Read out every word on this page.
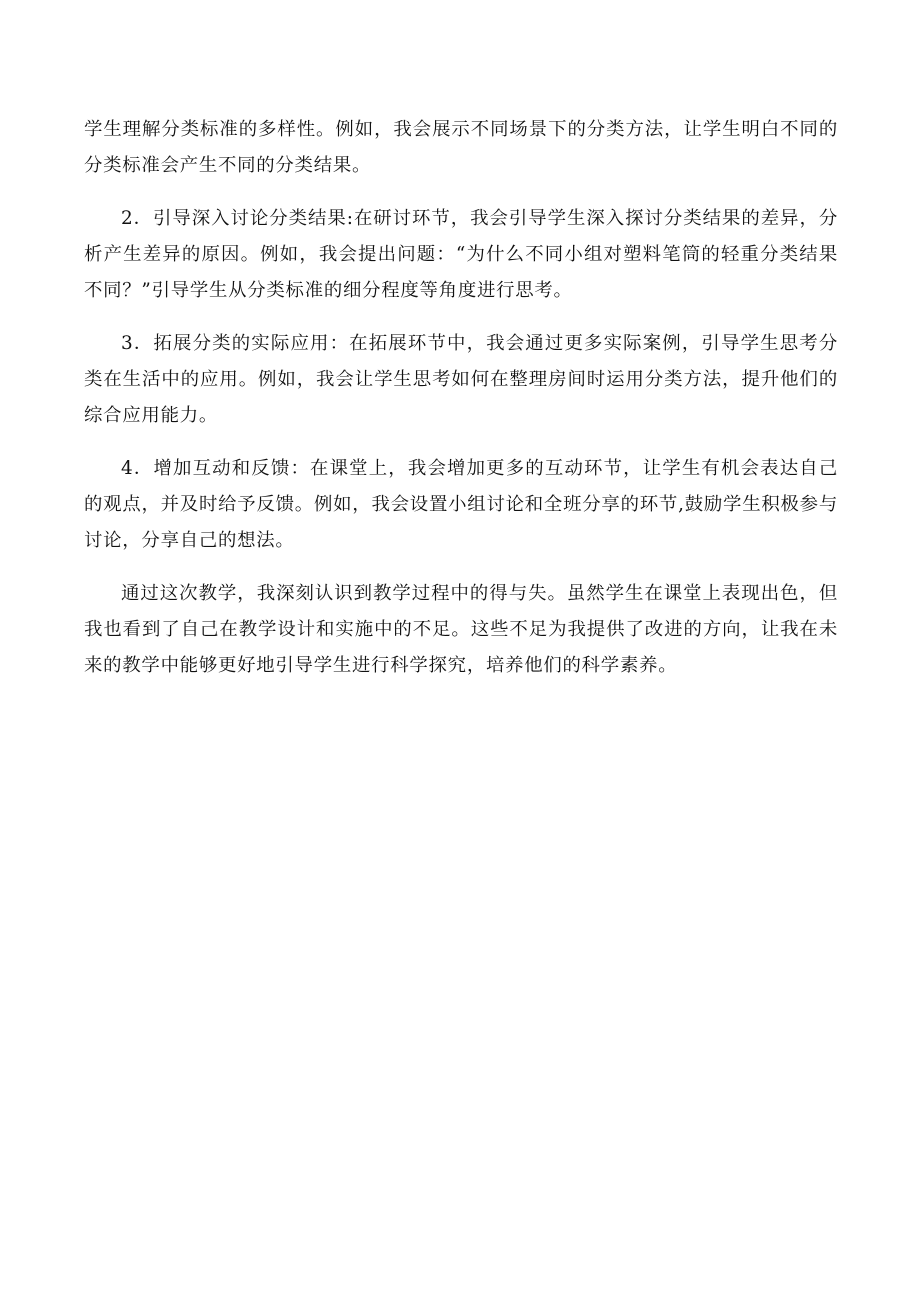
学生理解分类标准的多样性。例如，我会展示不同场景下的分类方法，让学生明白不同的分类标准会产生不同的分类结果。

2．引导深入讨论分类结果:在研讨环节，我会引导学生深入探讨分类结果的差异，分析产生差异的原因。例如，我会提出问题：“为什么不同小组对塑料笔筒的轻重分类结果不同？”引导学生从分类标准的细分程度等角度进行思考。

3．拓展分类的实际应用：在拓展环节中，我会通过更多实际案例，引导学生思考分类在生活中的应用。例如，我会让学生思考如何在整理房间时运用分类方法，提升他们的综合应用能力。

4．增加互动和反馈：在课堂上，我会增加更多的互动环节，让学生有机会表达自己的观点，并及时给予反馈。例如，我会设置小组讨论和全班分享的环节,鼓励学生积极参与讨论，分享自己的想法。

通过这次教学，我深刻认识到教学过程中的得与失。虽然学生在课堂上表现出色，但我也看到了自己在教学设计和实施中的不足。这些不足为我提供了改进的方向，让我在未来的教学中能够更好地引导学生进行科学探究，培养他们的科学素养。
